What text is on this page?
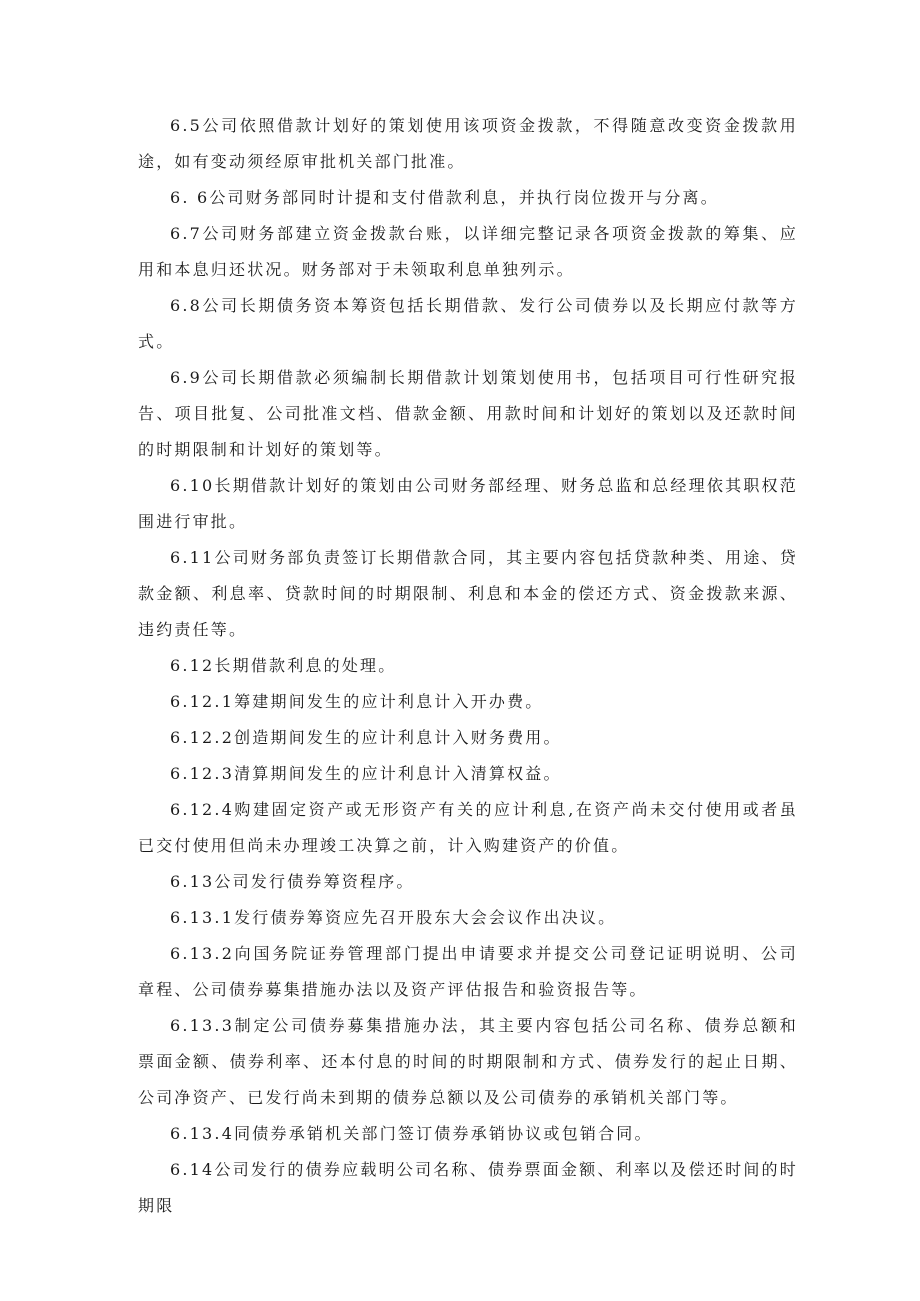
6.5公司依照借款计划好的策划使用该项资金拨款，不得随意改变资金拨款用途，如有变动须经原审批机关部门批准。

6. 6公司财务部同时计提和支付借款利息，并执行岗位拨开与分离。

6.7公司财务部建立资金拨款台账，以详细完整记录各项资金拨款的筹集、应用和本息归还状况。财务部对于未领取利息单独列示。

6.8公司长期债务资本筹资包括长期借款、发行公司债券以及长期应付款等方式。

6.9公司长期借款必须编制长期借款计划策划使用书，包括项目可行性研究报告、项目批复、公司批准文档、借款金额、用款时间和计划好的策划以及还款时间的时期限制和计划好的策划等。

6.10长期借款计划好的策划由公司财务部经理、财务总监和总经理依其职权范围进行审批。

6.11公司财务部负责签订长期借款合同，其主要内容包括贷款种类、用途、贷款金额、利息率、贷款时间的时期限制、利息和本金的偿还方式、资金拨款来源、违约责任等。

6.12长期借款利息的处理。

6.12.1筹建期间发生的应计利息计入开办费。

6.12.2创造期间发生的应计利息计入财务费用。

6.12.3清算期间发生的应计利息计入清算权益。

6.12.4购建固定资产或无形资产有关的应计利息,在资产尚未交付使用或者虽已交付使用但尚未办理竣工决算之前，计入购建资产的价值。

6.13公司发行债券筹资程序。

6.13.1发行债券筹资应先召开股东大会会议作出决议。

6.13.2向国务院证券管理部门提出申请要求并提交公司登记证明说明、公司章程、公司债券募集措施办法以及资产评估报告和验资报告等。

6.13.3制定公司债券募集措施办法，其主要内容包括公司名称、债券总额和票面金额、债券利率、还本付息的时间的时期限制和方式、债券发行的起止日期、公司净资产、已发行尚未到期的债券总额以及公司债券的承销机关部门等。

6.13.4同债券承销机关部门签订债券承销协议或包销合同。

6.14公司发行的债券应载明公司名称、债券票面金额、利率以及偿还时间的时期限
